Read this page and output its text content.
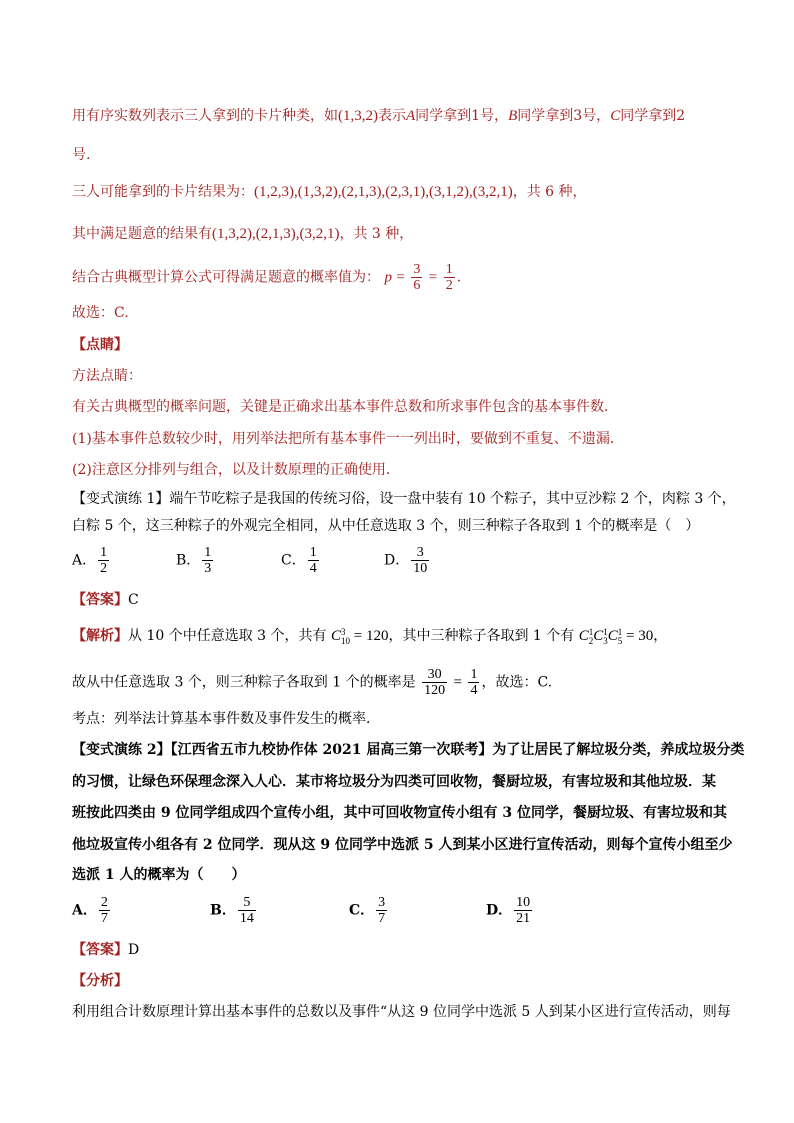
用有序实数列表示三人拿到的卡片种类，如(1,3,2)表示A同学拿到1号，B同学拿到3号，C同学拿到2
号.
三人可能拿到的卡片结果为：(1,2,3),(1,3,2),(2,1,3),(2,3,1),(3,1,2),(3,2,1)，共 6 种，
其中满足题意的结果有(1,3,2),(2,1,3),(3,2,1)，共 3 种，
结合古典概型计算公式可得满足题意的概率值为： $p = \frac{3}{6} = \frac{1}{2}$ .
故选：C.
【点睛】
方法点睛：
有关古典概型的概率问题，关键是正确求出基本事件总数和所求事件包含的基本事件数．
(1)基本事件总数较少时，用列举法把所有基本事件一一列出时，要做到不重复、不遗漏．
(2)注意区分排列与组合，以及计数原理的正确使用.
【变式演练 1】端午节吃粽子是我国的传统习俗，设一盘中装有 10 个粽子，其中豆沙粽 2 个，肉粽 3 个，
白粽 5 个，这三种粽子的外观完全相同，从中任意选取 3 个，则三种粽子各取到 1 个的概率是（　）
A． $\frac{1}{2}$	B． $\frac{1}{3}$	C． $\frac{1}{4}$	D． $\frac{3}{10}$
【答案】C
【解析】从 10 个中任意选取 3 个，共有 C 3
10 = 120，其中三种粽子各取到 1 个有 C 1
2 C 1
3 C 1
5 = 30，
故从中任意选取 3 个，则三种粽子各取到 1 个的概率是 $\frac{30}{120} = \frac{1}{4}$ ，故选：C.
考点：列举法计算基本事件数及事件发生的概率．
【变式演练 2】【江西省五市九校协作体 2021 届高三第一次联考】为了让居民了解垃圾分类，养成垃圾分类
的习惯，让绿色环保理念深入人心．某市将垃圾分为四类可回收物，餐厨垃圾，有害垃圾和其他垃圾．某
班按此四类由 9 位同学组成四个宣传小组，其中可回收物宣传小组有 3 位同学，餐厨垃圾、有害垃圾和其
他垃圾宣传小组各有 2 位同学．现从这 9 位同学中选派 5 人到某小区进行宣传活动，则每个宣传小组至少
选派 1 人的概率为（　　）
A． $\frac{2}{7}$	B． $\frac{5}{14}$	C． $\frac{3}{7}$	D． $\frac{10}{21}$
【答案】D
【分析】
利用组合计数原理计算出基本事件的总数以及事件“从这 9 位同学中选派 5 人到某小区进行宣传活动，则每
